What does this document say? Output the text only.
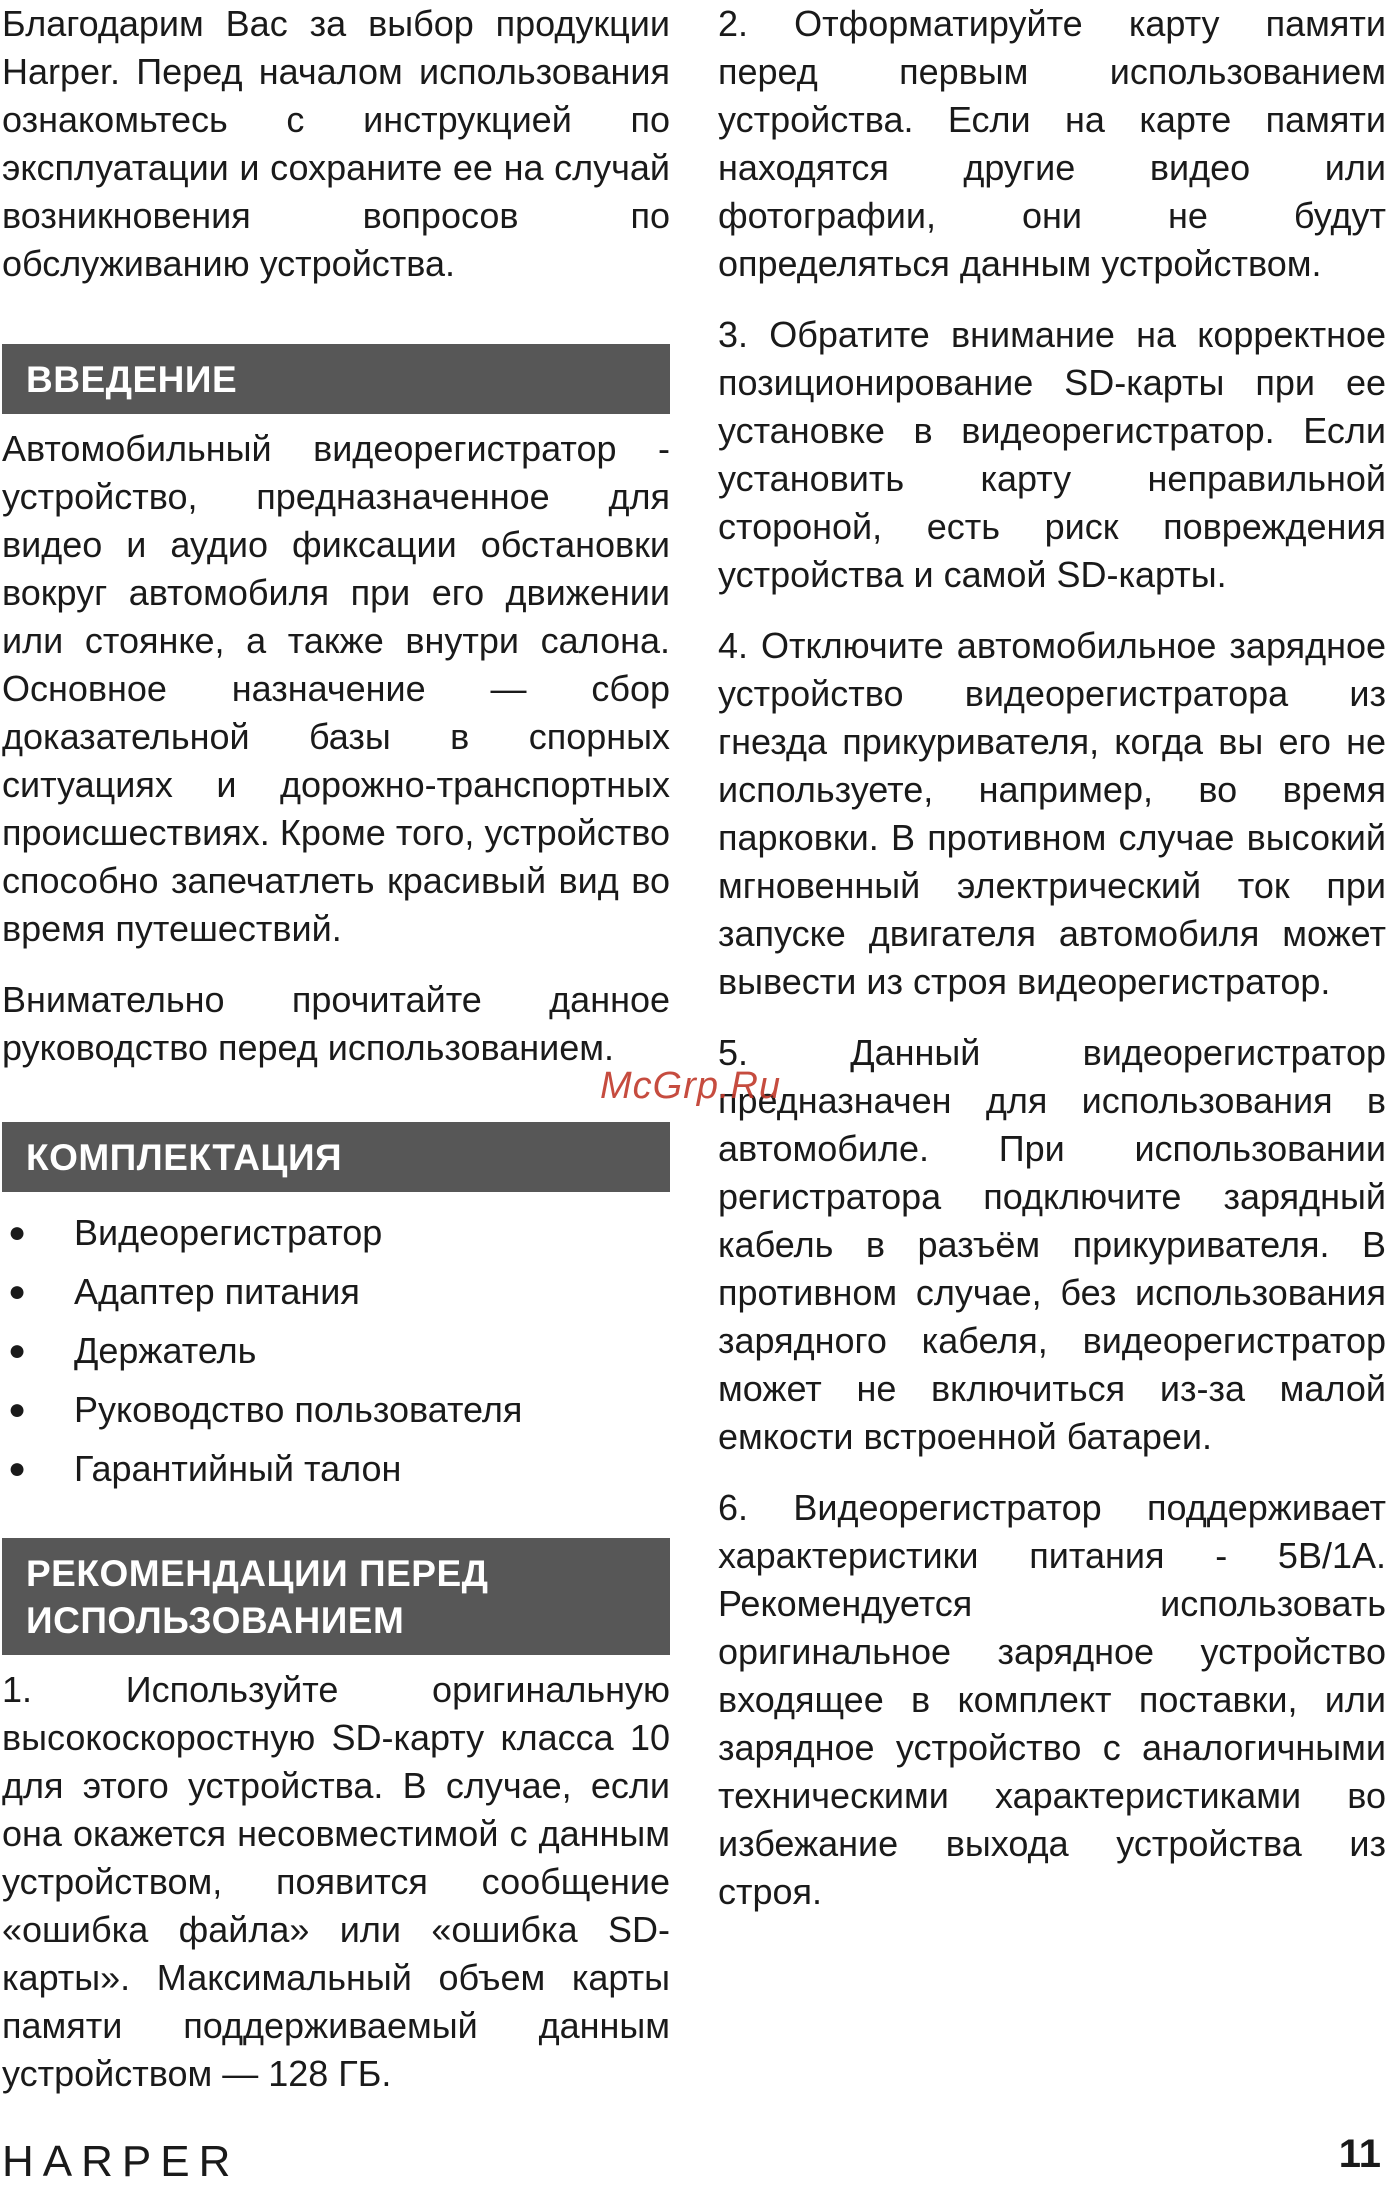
Благодарим Вас за выбор продукции Harper. Перед началом использования ознакомьтесь с инструкцией по эксплуатации и сохраните ее на случай возникновения вопросов по обслуживанию устройства.

ВВЕДЕНИЕ

Автомобильный видеорегистратор - устройство, предназначенное для видео и аудио фиксации обстановки вокруг автомобиля при его движении или стоянке, а также внутри салона. Основное назначение — сбор доказательной базы в спорных ситуациях и дорожно-транспортных происшествиях. Кроме того, устройство способно запечатлеть красивый вид во время путешествий.

Внимательно прочитайте данное руководство перед использованием.

КОМПЛЕКТАЦИЯ
● Видеорегистратор
● Адаптер питания
● Держатель
● Руководство пользователя
● Гарантийный талон
РЕКОМЕНДАЦИИ ПЕРЕД ИСПОЛЬЗОВАНИЕМ

1. Используйте оригинальную высокоскоростную SD-карту класса 10 для этого устройства. В случае, если она окажется несовместимой с данным устройством, появится сообщение «ошибка файла» или «ошибка SD-карты». Максимальный объем карты памяти поддерживаемый данным устройством — 128 ГБ.

2. Отформатируйте карту памяти перед первым использованием устройства. Если на карте памяти находятся другие видео или фотографии, они не будут определяться данным устройством.

3. Обратите внимание на корректное позиционирование SD-карты при ее установке в видеорегистратор. Если установить карту неправильной стороной, есть риск повреждения устройства и самой SD-карты.

4. Отключите автомобильное зарядное устройство видеорегистратора из гнезда прикуривателя, когда вы его не используете, например, во время парковки. В противном случае высокий мгновенный электрический ток при запуске двигателя автомобиля может вывести из строя видеорегистратор.

5. Данный видеорегистратор предназначен для использования в автомобиле. При использовании регистратора подключите зарядный кабель в разъём прикуривателя. В противном случае, без использования зарядного кабеля, видеорегистратор может не включиться из-за малой емкости встроенной батареи.

6. Видеорегистратор поддерживает характеристики питания - 5В/1А. Рекомендуется использовать оригинальное зарядное устройство входящее в комплект поставки, или зарядное устройство с аналогичными техническими характеристиками во избежание выхода устройства из строя.

McGrp.Ru
HARPER	11
